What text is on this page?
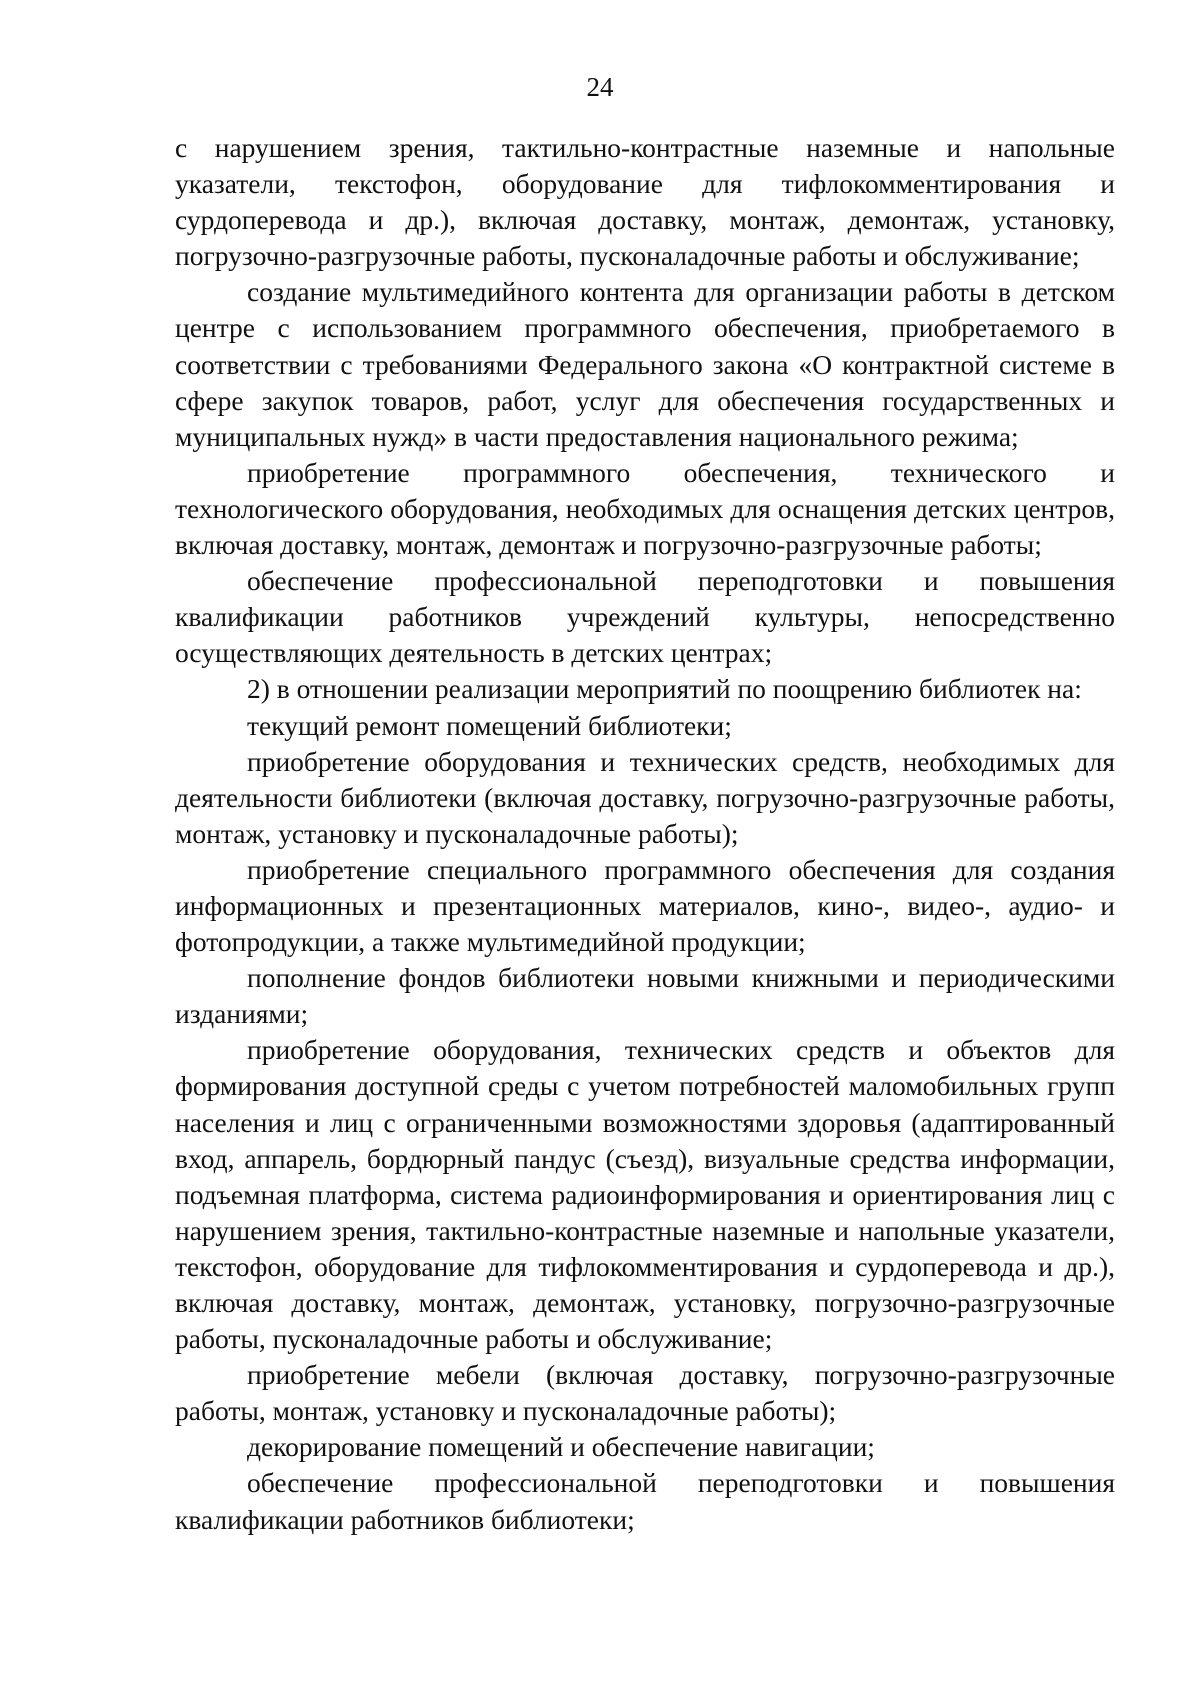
24

с нарушением зрения, тактильно-контрастные наземные и напольные указатели, текстофон, оборудование для тифлокомментирования и сурдоперевода и др.), включая доставку, монтаж, демонтаж, установку, погрузочно-разгрузочные работы, пусконаладочные работы и обслуживание;

создание мультимедийного контента для организации работы в детском центре с использованием программного обеспечения, приобретаемого в соответствии с требованиями Федерального закона «О контрактной системе в сфере закупок товаров, работ, услуг для обеспечения государственных и муниципальных нужд» в части предоставления национального режима;

приобретение программного обеспечения, технического и технологического оборудования, необходимых для оснащения детских центров, включая доставку, монтаж, демонтаж и погрузочно-разгрузочные работы;

обеспечение профессиональной переподготовки и повышения квалификации работников учреждений культуры, непосредственно осуществляющих деятельность в детских центрах;

2) в отношении реализации мероприятий по поощрению библиотек на:

текущий ремонт помещений библиотеки;

приобретение оборудования и технических средств, необходимых для деятельности библиотеки (включая доставку, погрузочно-разгрузочные работы, монтаж, установку и пусконаладочные работы);

приобретение специального программного обеспечения для создания информационных и презентационных материалов, кино-, видео-, аудио- и фотопродукции, а также мультимедийной продукции;

пополнение фондов библиотеки новыми книжными и периодическими изданиями;

приобретение оборудования, технических средств и объектов для формирования доступной среды с учетом потребностей маломобильных групп населения и лиц с ограниченными возможностями здоровья (адаптированный вход, аппарель, бордюрный пандус (съезд), визуальные средства информации, подъемная платформа, система радиоинформирования и ориентирования лиц с нарушением зрения, тактильно-контрастные наземные и напольные указатели, текстофон, оборудование для тифлокомментирования и сурдоперевода и др.), включая доставку, монтаж, демонтаж, установку, погрузочно-разгрузочные работы, пусконаладочные работы и обслуживание;

приобретение мебели (включая доставку, погрузочно-разгрузочные работы, монтаж, установку и пусконаладочные работы);

декорирование помещений и обеспечение навигации;

обеспечение профессиональной переподготовки и повышения квалификации работников библиотеки;
